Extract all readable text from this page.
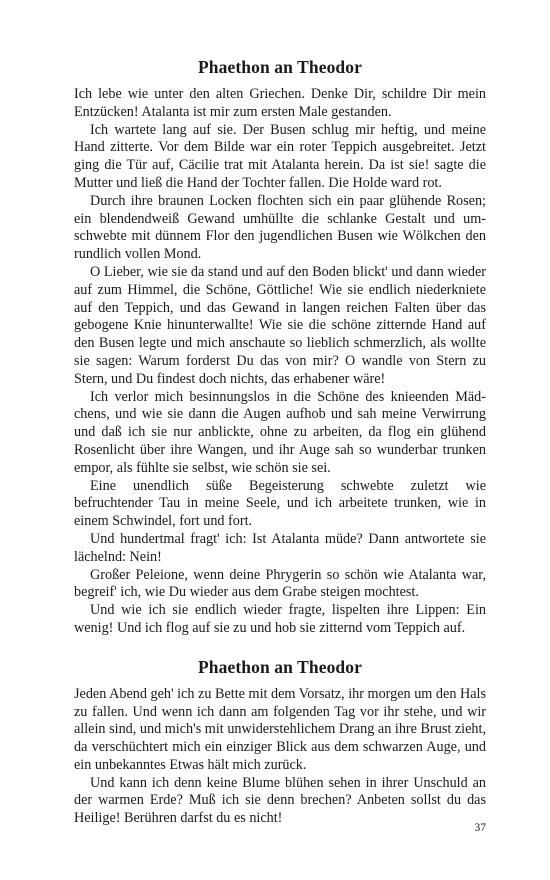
Phaethon an Theodor

Ich lebe wie unter den alten Griechen. Denke Dir, schildre Dir mein Entzücken! Atalanta ist mir zum ersten Male gestanden.

Ich wartete lang auf sie. Der Busen schlug mir heftig, und meine Hand zitterte. Vor dem Bilde war ein roter Teppich ausgebreitet. Jetzt ging die Tür auf, Cäcilie trat mit Atalanta herein. Da ist sie! sagte die Mutter und ließ die Hand der Tochter fallen. Die Holde ward rot.

Durch ihre braunen Locken flochten sich ein paar glühende Rosen; ein blendendweiß Gewand umhüllte die schlanke Gestalt und umschwebte mit dünnem Flor den jugendlichen Busen wie Wölkchen den rundlich vollen Mond.

O Lieber, wie sie da stand und auf den Boden blickt' und dann wieder auf zum Himmel, die Schöne, Göttliche! Wie sie endlich niederkniete auf den Teppich, und das Gewand in langen reichen Falten über das gebogene Knie hinunterwallte! Wie sie die schöne zitternde Hand auf den Busen legte und mich anschaute so lieblich schmerzlich, als wollte sie sagen: Warum forderst Du das von mir? O wandle von Stern zu Stern, und Du findest doch nichts, das erhabener wäre!

Ich verlor mich besinnungslos in die Schöne des knieenden Mädchens, und wie sie dann die Augen aufhob und sah meine Verwirrung und daß ich sie nur anblickte, ohne zu arbeiten, da flog ein glühend Rosenlicht über ihre Wangen, und ihr Auge sah so wunderbar trunken empor, als fühlte sie selbst, wie schön sie sei.

Eine unendlich süße Begeisterung schwebte zuletzt wie befruchtender Tau in meine Seele, und ich arbeitete trunken, wie in einem Schwindel, fort und fort.

Und hundertmal fragt' ich: Ist Atalanta müde? Dann antwortete sie lächelnd: Nein!

Großer Peleione, wenn deine Phrygerin so schön wie Atalanta war, begreif' ich, wie Du wieder aus dem Grabe steigen mochtest.

Und wie ich sie endlich wieder fragte, lispelten ihre Lippen: Ein wenig! Und ich flog auf sie zu und hob sie zitternd vom Teppich auf.

Phaethon an Theodor

Jeden Abend geh' ich zu Bette mit dem Vorsatz, ihr morgen um den Hals zu fallen. Und wenn ich dann am folgenden Tag vor ihr stehe, und wir allein sind, und mich's mit unwiderstehlichem Drang an ihre Brust zieht, da verschüchtert mich ein einziger Blick aus dem schwarzen Auge, und ein unbekanntes Etwas hält mich zurück.

Und kann ich denn keine Blume blühen sehen in ihrer Unschuld an der warmen Erde? Muß ich sie denn brechen? Anbeten sollst du das Heilige! Berühren darfst du es nicht!

37
